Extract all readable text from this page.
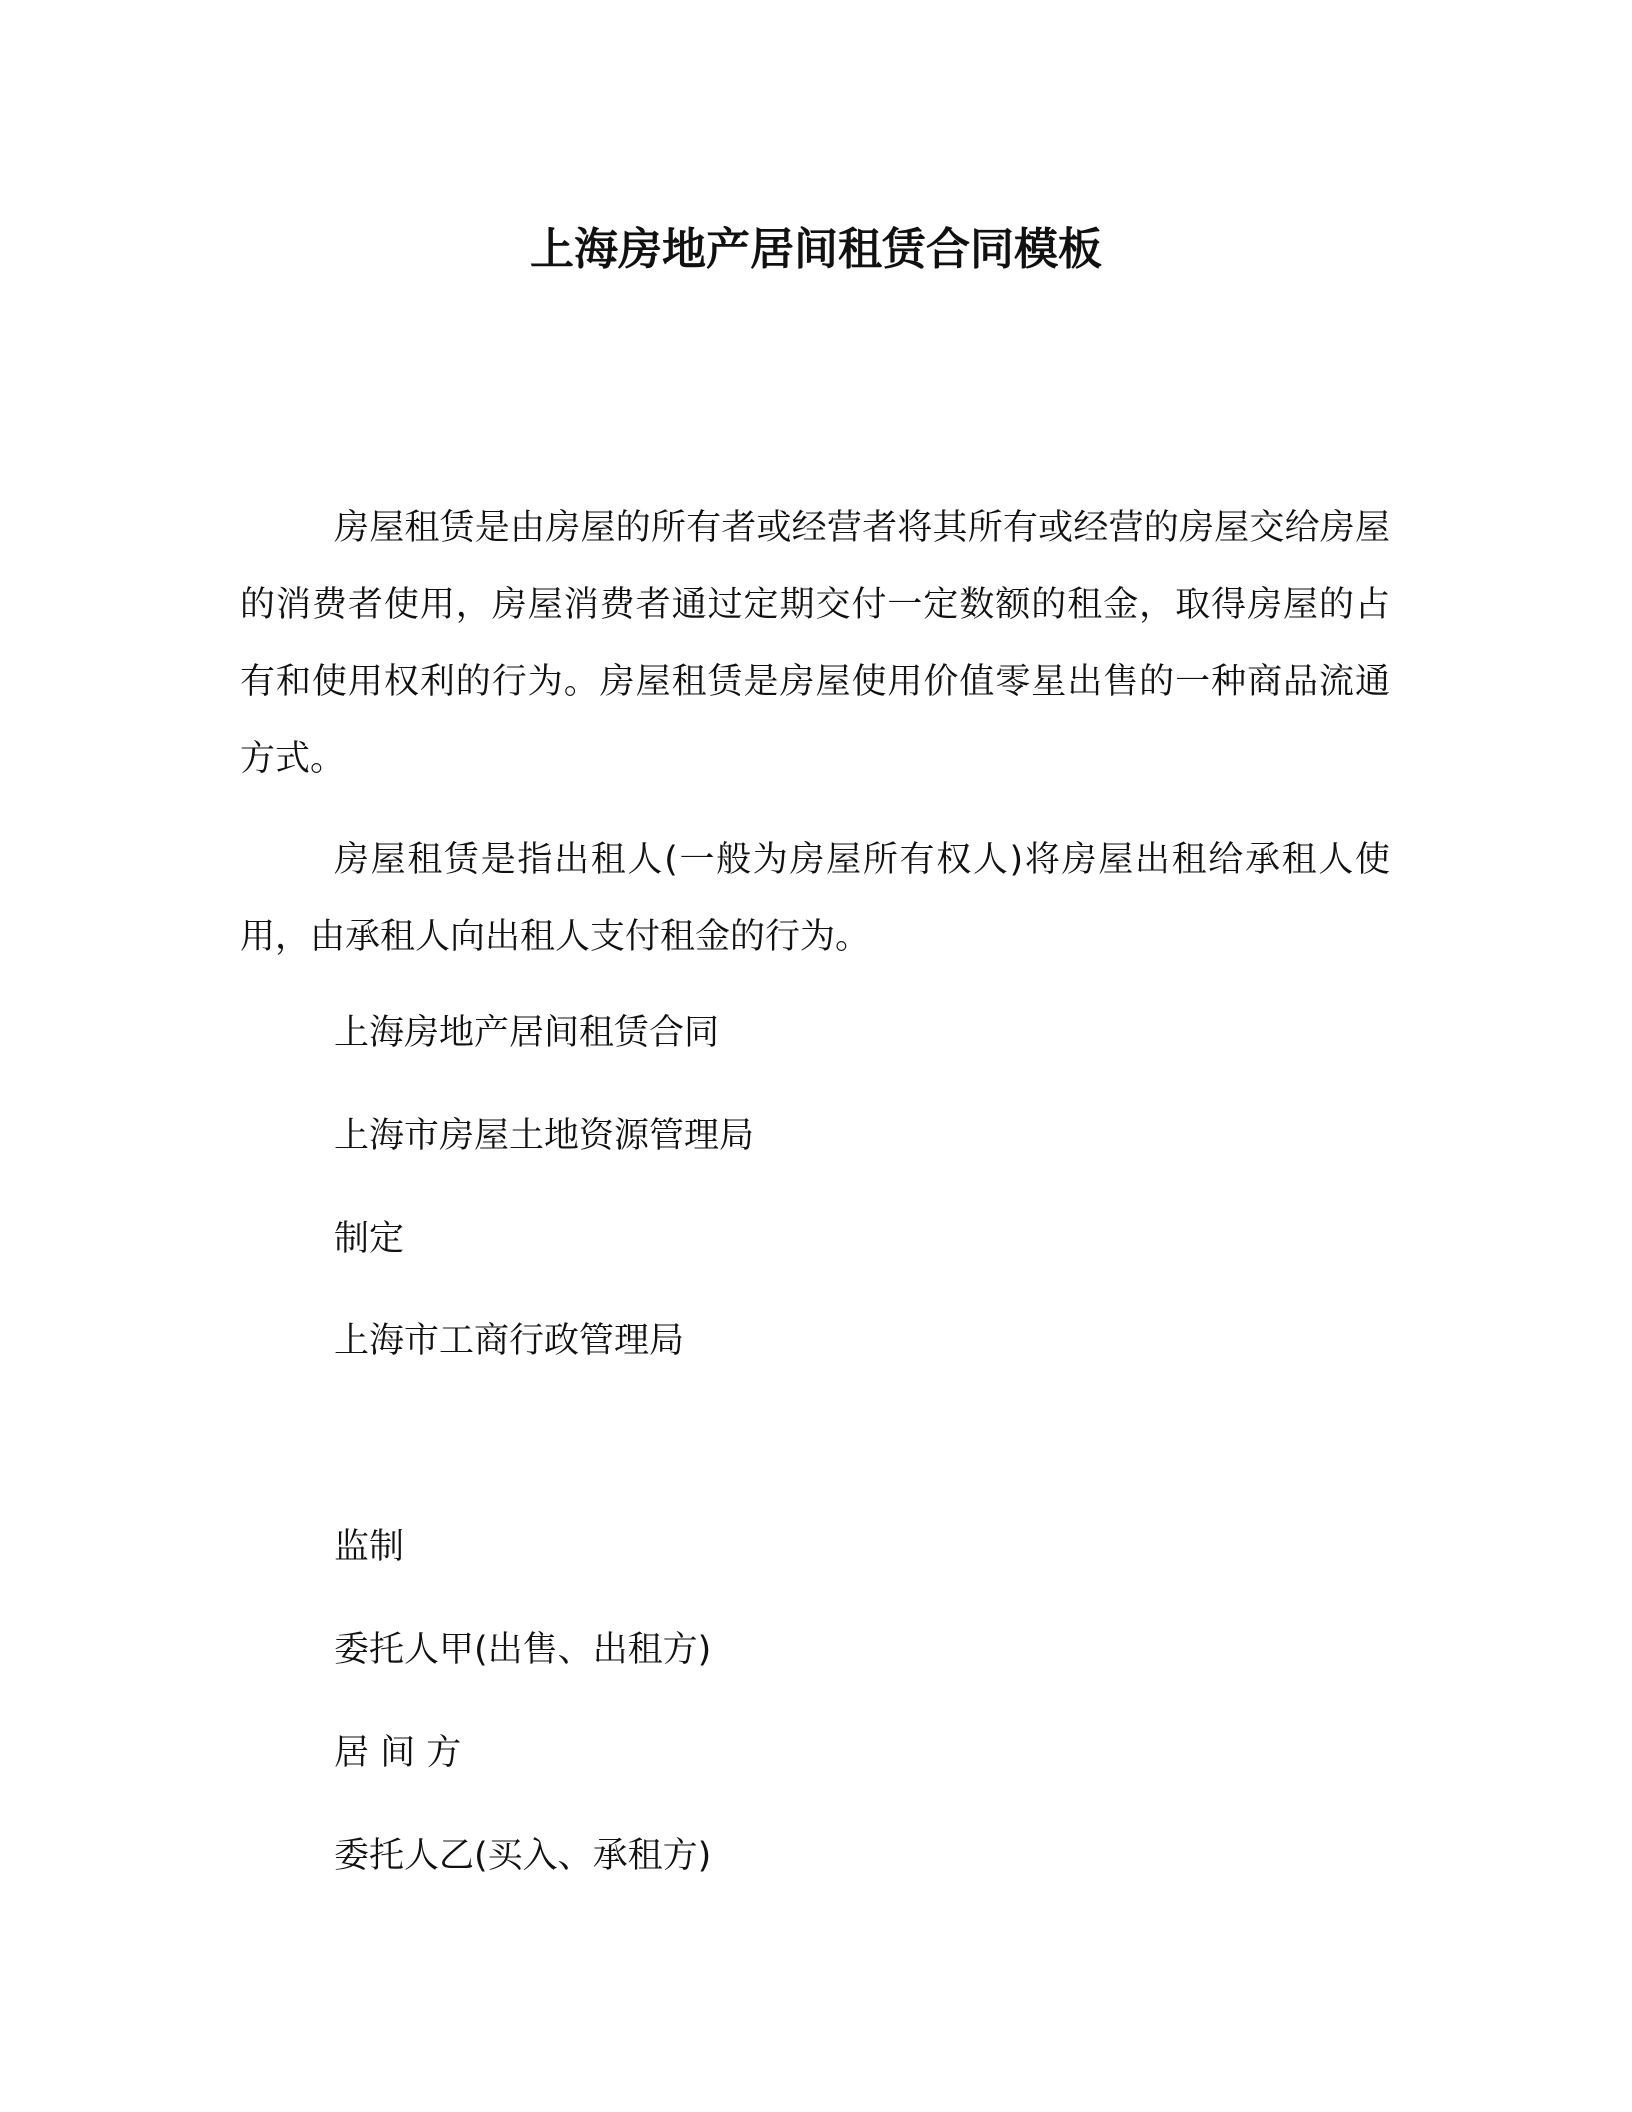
上海房地产居间租赁合同模板

房屋租赁是由房屋的所有者或经营者将其所有或经营的房屋交给房屋的消费者使用，房屋消费者通过定期交付一定数额的租金，取得房屋的占有和使用权利的行为。房屋租赁是房屋使用价值零星出售的一种商品流通方式。

房屋租赁是指出租人(一般为房屋所有权人)将房屋出租给承租人使用，由承租人向出租人支付租金的行为。

上海房地产居间租赁合同
上海市房屋土地资源管理局
制定
上海市工商行政管理局
监制
委托人甲(出售、出租方)
居 间 方
委托人乙(买入、承租方)
